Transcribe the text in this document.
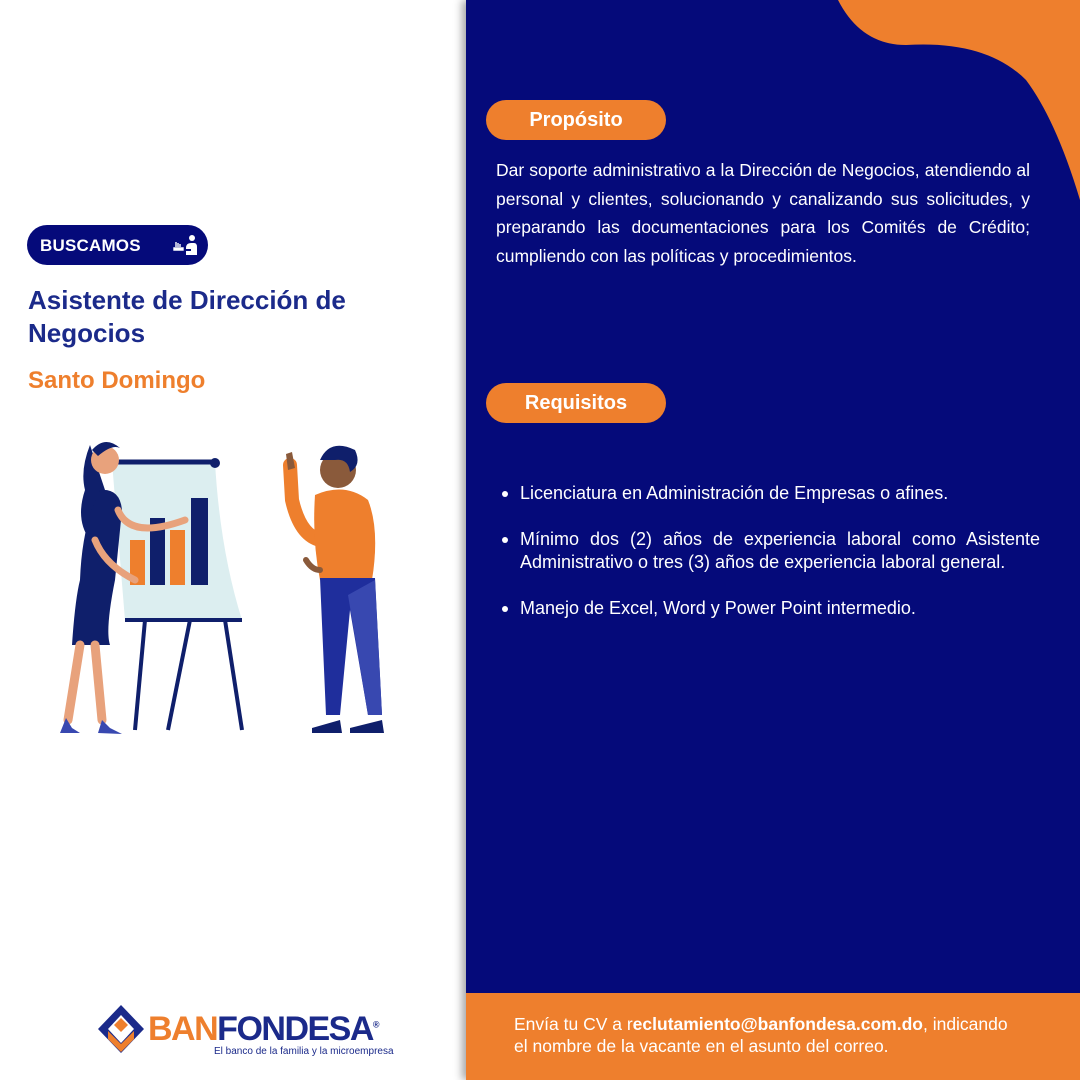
BUSCAMOS
Asistente de Dirección de Negocios
Santo Domingo
BANFONDESA®
El banco de la familia y la microempresa
Propósito
Dar soporte administrativo a la Dirección de Negocios, atendiendo al personal y clientes, solucionando y canalizando sus solicitudes, y preparando las documentaciones para los Comités de Crédito; cumpliendo con las políticas y procedimientos.
Requisitos
Licenciatura en Administración de Empresas o afines.
Mínimo dos (2) años de experiencia laboral como Asistente Administrativo o tres (3) años de experiencia laboral general.
Manejo de Excel, Word y Power Point intermedio.

Envía tu CV a reclutamiento@banfondesa.com.do, indicando
el nombre de la vacante en el asunto del correo.
